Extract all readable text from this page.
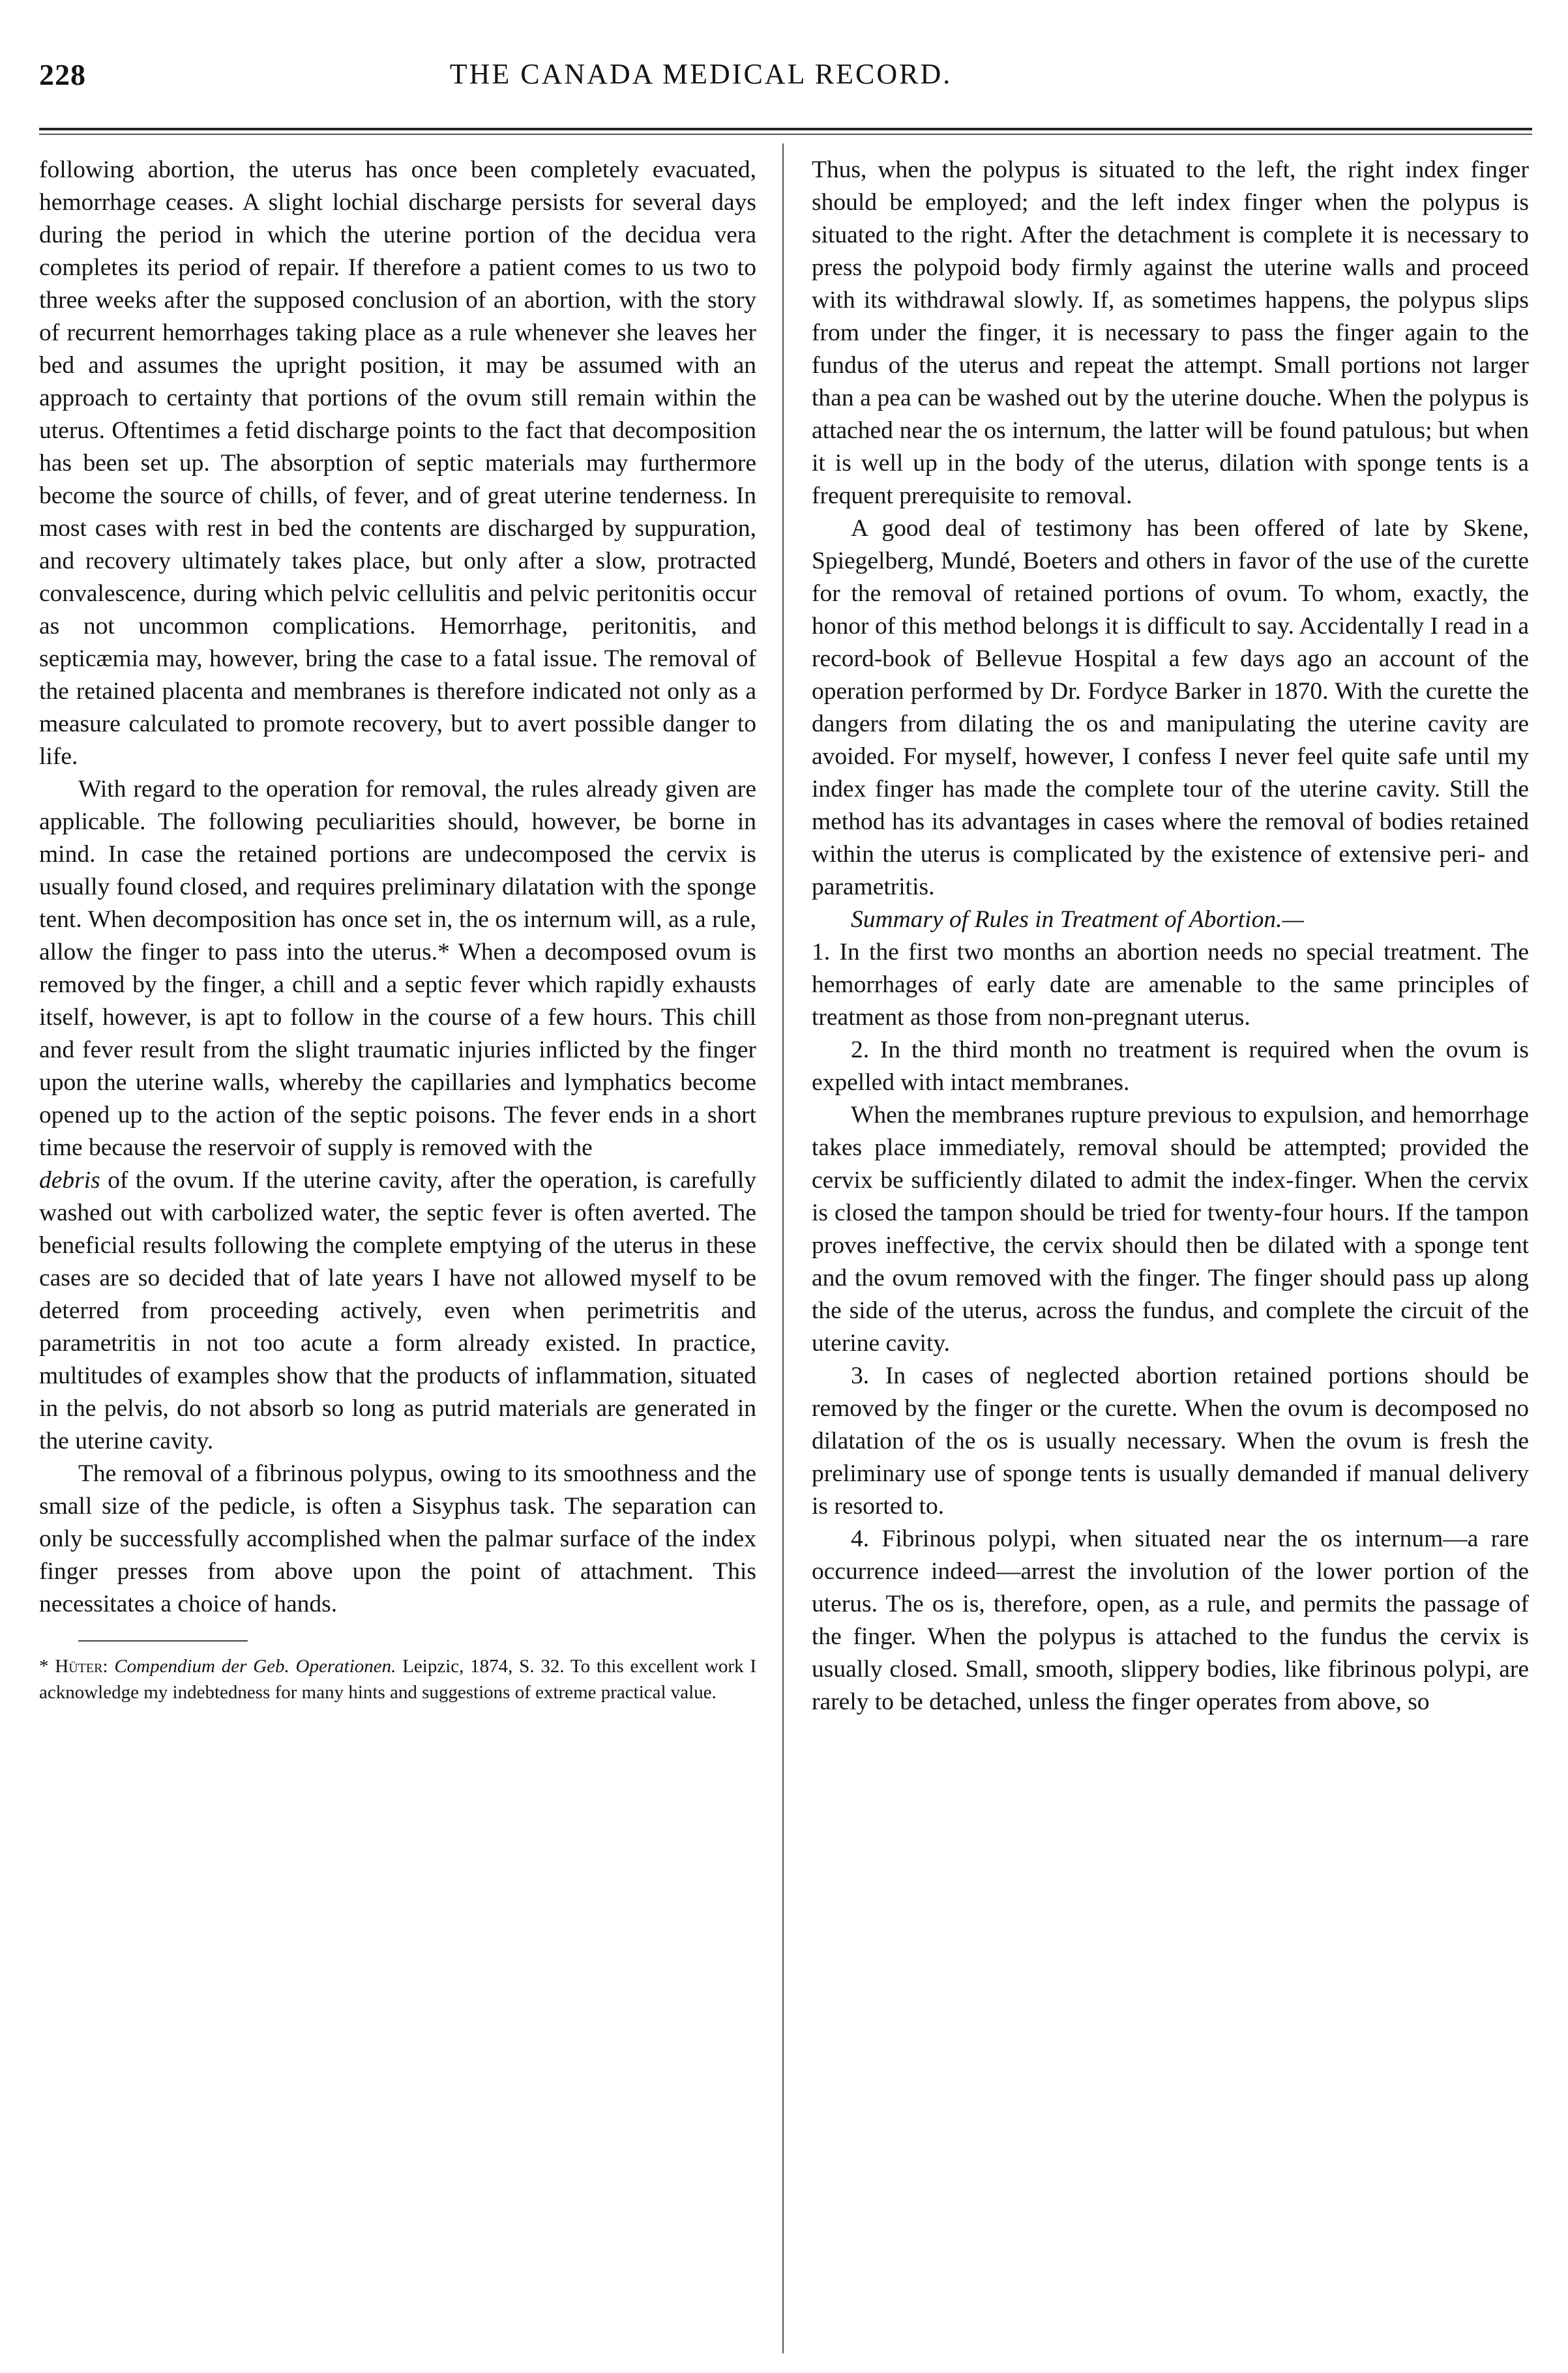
228	THE CANADA MEDICAL RECORD.

following abortion, the uterus has once been completely evacuated, hemorrhage ceases. A slight lochial discharge persists for several days during the period in which the uterine portion of the decidua vera completes its period of repair. If therefore a patient comes to us two to three weeks after the supposed conclusion of an abortion, with the story of recurrent hemorrhages taking place as a rule whenever she leaves her bed and assumes the upright position, it may be assumed with an approach to certainty that portions of the ovum still remain within the uterus. Oftentimes a fetid discharge points to the fact that decomposition has been set up. The absorption of septic materials may furthermore become the source of chills, of fever, and of great uterine tenderness. In most cases with rest in bed the contents are discharged by suppuration, and recovery ultimately takes place, but only after a slow, protracted convalescence, during which pelvic cellulitis and pelvic peritonitis occur as not uncommon complications. Hemorrhage, peritonitis, and septicæmia may, however, bring the case to a fatal issue. The removal of the retained placenta and membranes is therefore indicated not only as a measure calculated to promote recovery, but to avert possible danger to life.

With regard to the operation for removal, the rules already given are applicable. The following peculiarities should, however, be borne in mind. In case the retained portions are undecomposed the cervix is usually found closed, and requires preliminary dilatation with the sponge tent. When decomposition has once set in, the os internum will, as a rule, allow the finger to pass into the uterus.* When a decomposed ovum is removed by the finger, a chill and a septic fever which rapidly exhausts itself, however, is apt to follow in the course of a few hours. This chill and fever result from the slight traumatic injuries inflicted by the finger upon the uterine walls, whereby the capillaries and lymphatics become opened up to the action of the septic poisons. The fever ends in a short time because the reservoir of supply is removed with the

debris of the ovum. If the uterine cavity, after the operation, is carefully washed out with carbolized water, the septic fever is often averted. The beneficial results following the complete emptying of the uterus in these cases are so decided that of late years I have not allowed myself to be deterred from proceeding actively, even when perimetritis and parametritis in not too acute a form already existed. In practice, multitudes of examples show that the products of inflammation, situated in the pelvis, do not absorb so long as putrid materials are generated in the uterine cavity.

The removal of a fibrinous polypus, owing to its smoothness and the small size of the pedicle, is often a Sisyphus task. The separation can only be successfully accomplished when the palmar surface of the index finger presses from above upon the point of attachment. This necessitates a choice of hands.

* Hüter: Compendium der Geb. Operationen. Leipzic, 1874, S. 32. To this excellent work I acknowledge my indebtedness for many hints and suggestions of extreme practical value.

Thus, when the polypus is situated to the left, the right index finger should be employed; and the left index finger when the polypus is situated to the right. After the detachment is complete it is necessary to press the polypoid body firmly against the uterine walls and proceed with its withdrawal slowly. If, as sometimes happens, the polypus slips from under the finger, it is necessary to pass the finger again to the fundus of the uterus and repeat the attempt. Small portions not larger than a pea can be washed out by the uterine douche. When the polypus is attached near the os internum, the latter will be found patulous; but when it is well up in the body of the uterus, dilation with sponge tents is a frequent prerequisite to removal.

A good deal of testimony has been offered of late by Skene, Spiegelberg, Mundé, Boeters and others in favor of the use of the curette for the removal of retained portions of ovum. To whom, exactly, the honor of this method belongs it is difficult to say. Accidentally I read in a record-book of Bellevue Hospital a few days ago an account of the operation performed by Dr. Fordyce Barker in 1870. With the curette the dangers from dilating the os and manipulating the uterine cavity are avoided. For myself, however, I confess I never feel quite safe until my index finger has made the complete tour of the uterine cavity. Still the method has its advantages in cases where the removal of bodies retained within the uterus is complicated by the existence of extensive peri- and parametritis.

Summary of Rules in Treatment of Abortion.—

1. In the first two months an abortion needs no special treatment. The hemorrhages of early date are amenable to the same principles of treatment as those from non-pregnant uterus.

2. In the third month no treatment is required when the ovum is expelled with intact membranes.

When the membranes rupture previous to expulsion, and hemorrhage takes place immediately, removal should be attempted; provided the cervix be sufficiently dilated to admit the index-finger. When the cervix is closed the tampon should be tried for twenty-four hours. If the tampon proves ineffective, the cervix should then be dilated with a sponge tent and the ovum removed with the finger. The finger should pass up along the side of the uterus, across the fundus, and complete the circuit of the uterine cavity.

3. In cases of neglected abortion retained portions should be removed by the finger or the curette. When the ovum is decomposed no dilatation of the os is usually necessary. When the ovum is fresh the preliminary use of sponge tents is usually demanded if manual delivery is resorted to.

4. Fibrinous polypi, when situated near the os internum—a rare occurrence indeed—arrest the involution of the lower portion of the uterus. The os is, therefore, open, as a rule, and permits the passage of the finger. When the polypus is attached to the fundus the cervix is usually closed. Small, smooth, slippery bodies, like fibrinous polypi, are rarely to be detached, unless the finger operates from above, so
